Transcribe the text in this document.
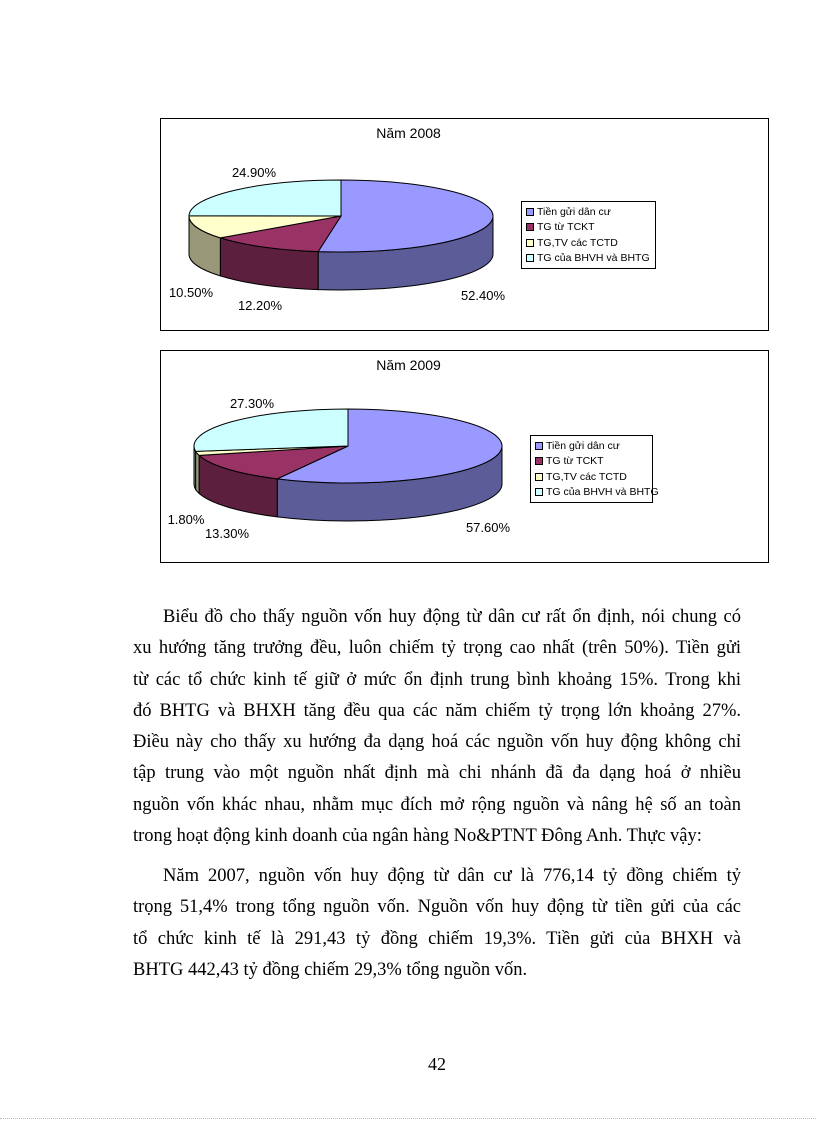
52.40%
12.20%
10.50%
24.90%
Năm 2008
Tiền gửi dân cư
TG từ TCKT
TG,TV các TCTD
TG của BHVH và BHTG
57.60%
13.30%
1.80%
27.30%
Năm 2009
Tiền gửi dân cư
TG từ TCKT
TG,TV các TCTD
TG của BHVH và BHTG
Biểu đồ cho thấy nguồn vốn huy động từ dân cư rất ổn định, nói chung có
xu hướng tăng trưởng đều, luôn chiếm tỷ trọng cao nhất (trên 50%). Tiền gửi
từ các tổ chức kinh tế giữ ở mức ổn định trung bình khoảng 15%. Trong khi
đó BHTG và BHXH tăng đều qua các năm chiếm tỷ trọng lớn khoảng 27%.
Điều này cho thấy xu hướng đa dạng hoá các nguồn vốn huy động không chỉ
tập trung vào một nguồn nhất định mà chi nhánh đã đa dạng hoá ở nhiều
nguồn vốn khác nhau, nhằm mục đích mở rộng nguồn và nâng hệ số an toàn
trong hoạt động kinh doanh của ngân hàng No&PTNT Đông Anh. Thực vậy:
Năm 2007, nguồn vốn huy động từ dân cư là 776,14 tỷ đồng chiếm tỷ
trọng 51,4% trong tổng nguồn vốn. Nguồn vốn huy động từ tiền gửi của các
tổ chức kinh tế là 291,43 tỷ đồng chiếm 19,3%. Tiền gửi của BHXH và
BHTG 442,43 tỷ đồng chiếm 29,3% tổng nguồn vốn.
42
